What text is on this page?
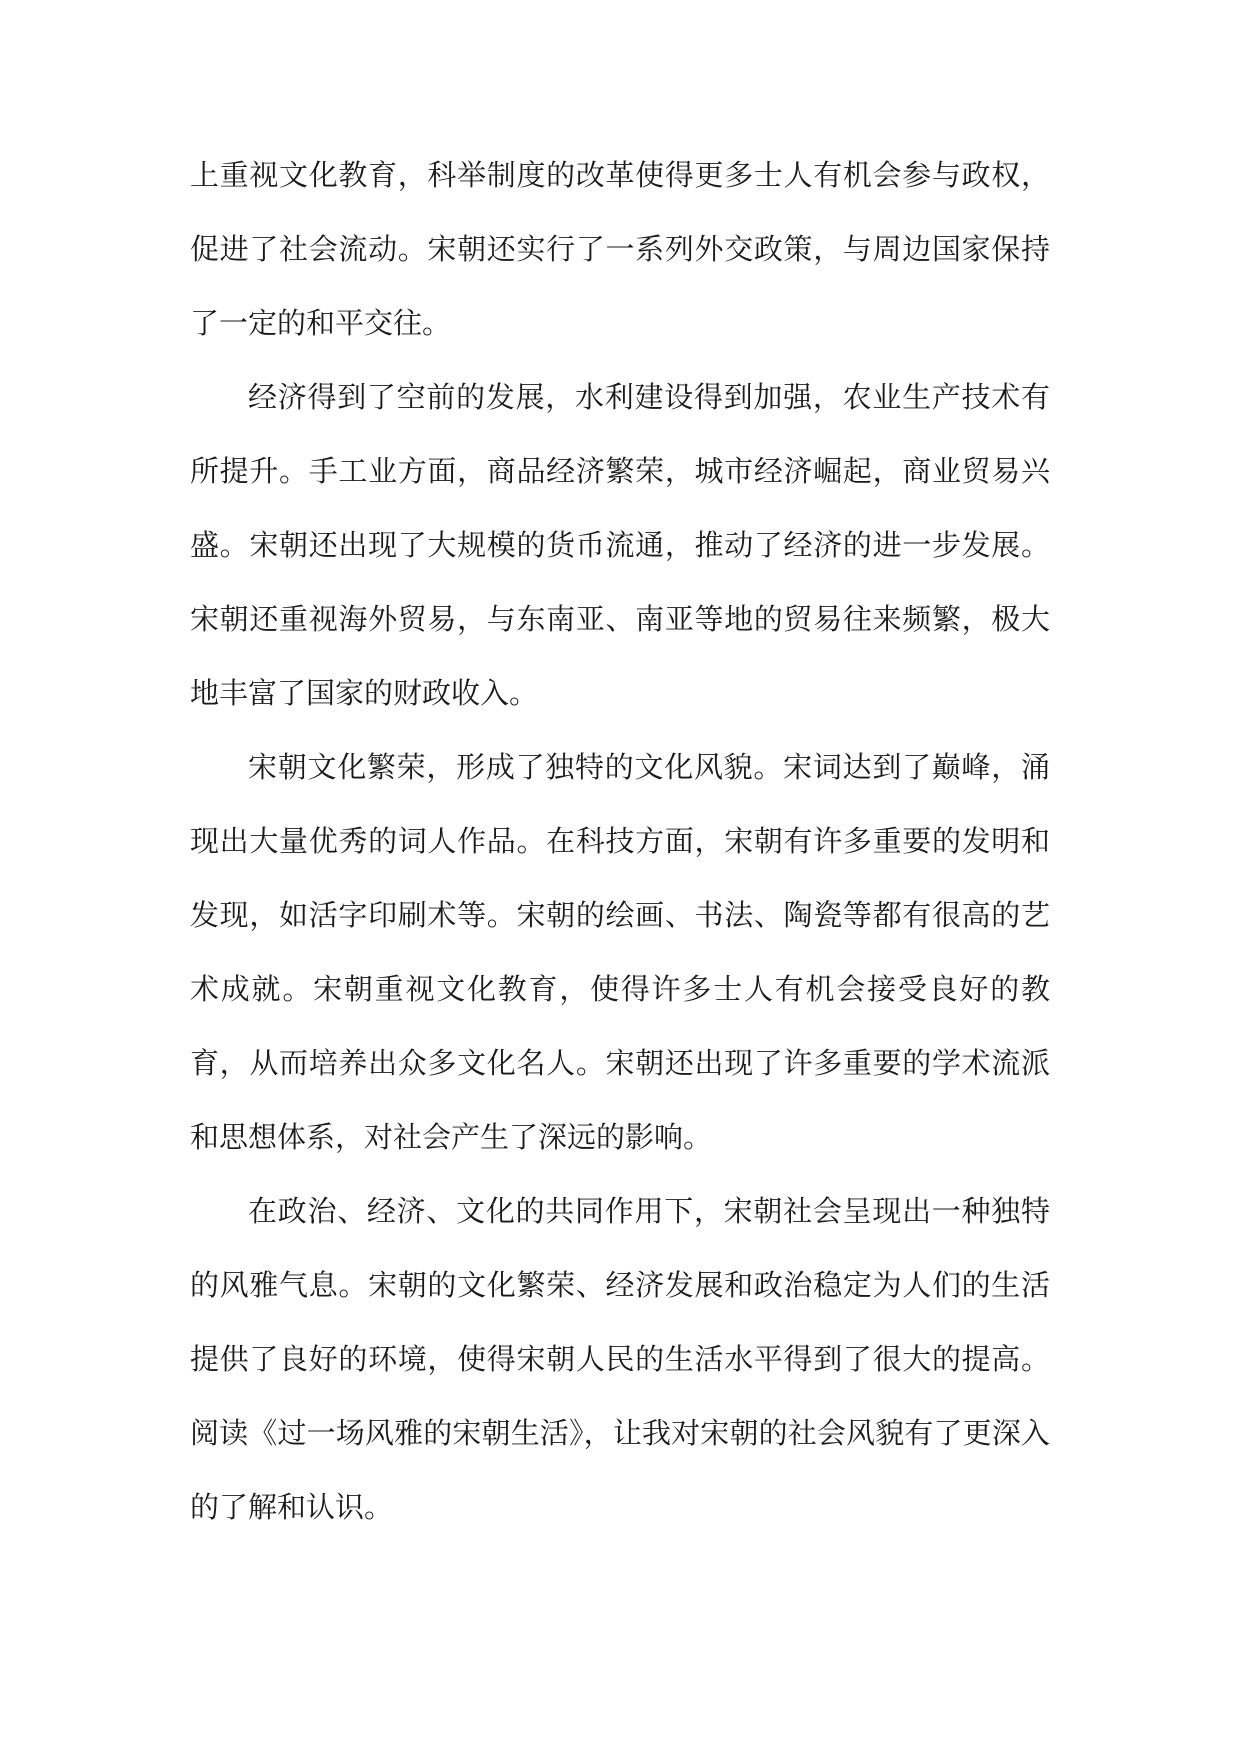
上重视文化教育，科举制度的改革使得更多士人有机会参与政权，促进了社会流动。宋朝还实行了一系列外交政策，与周边国家保持了一定的和平交往。

经济得到了空前的发展，水利建设得到加强，农业生产技术有所提升。手工业方面，商品经济繁荣，城市经济崛起，商业贸易兴盛。宋朝还出现了大规模的货币流通，推动了经济的进一步发展。宋朝还重视海外贸易，与东南亚、南亚等地的贸易往来频繁，极大地丰富了国家的财政收入。

宋朝文化繁荣，形成了独特的文化风貌。宋词达到了巅峰，涌现出大量优秀的词人作品。在科技方面，宋朝有许多重要的发明和发现，如活字印刷术等。宋朝的绘画、书法、陶瓷等都有很高的艺术成就。宋朝重视文化教育，使得许多士人有机会接受良好的教育，从而培养出众多文化名人。宋朝还出现了许多重要的学术流派和思想体系，对社会产生了深远的影响。

在政治、经济、文化的共同作用下，宋朝社会呈现出一种独特的风雅气息。宋朝的文化繁荣、经济发展和政治稳定为人们的生活提供了良好的环境，使得宋朝人民的生活水平得到了很大的提高。阅读《过一场风雅的宋朝生活》，让我对宋朝的社会风貌有了更深入的了解和认识。
